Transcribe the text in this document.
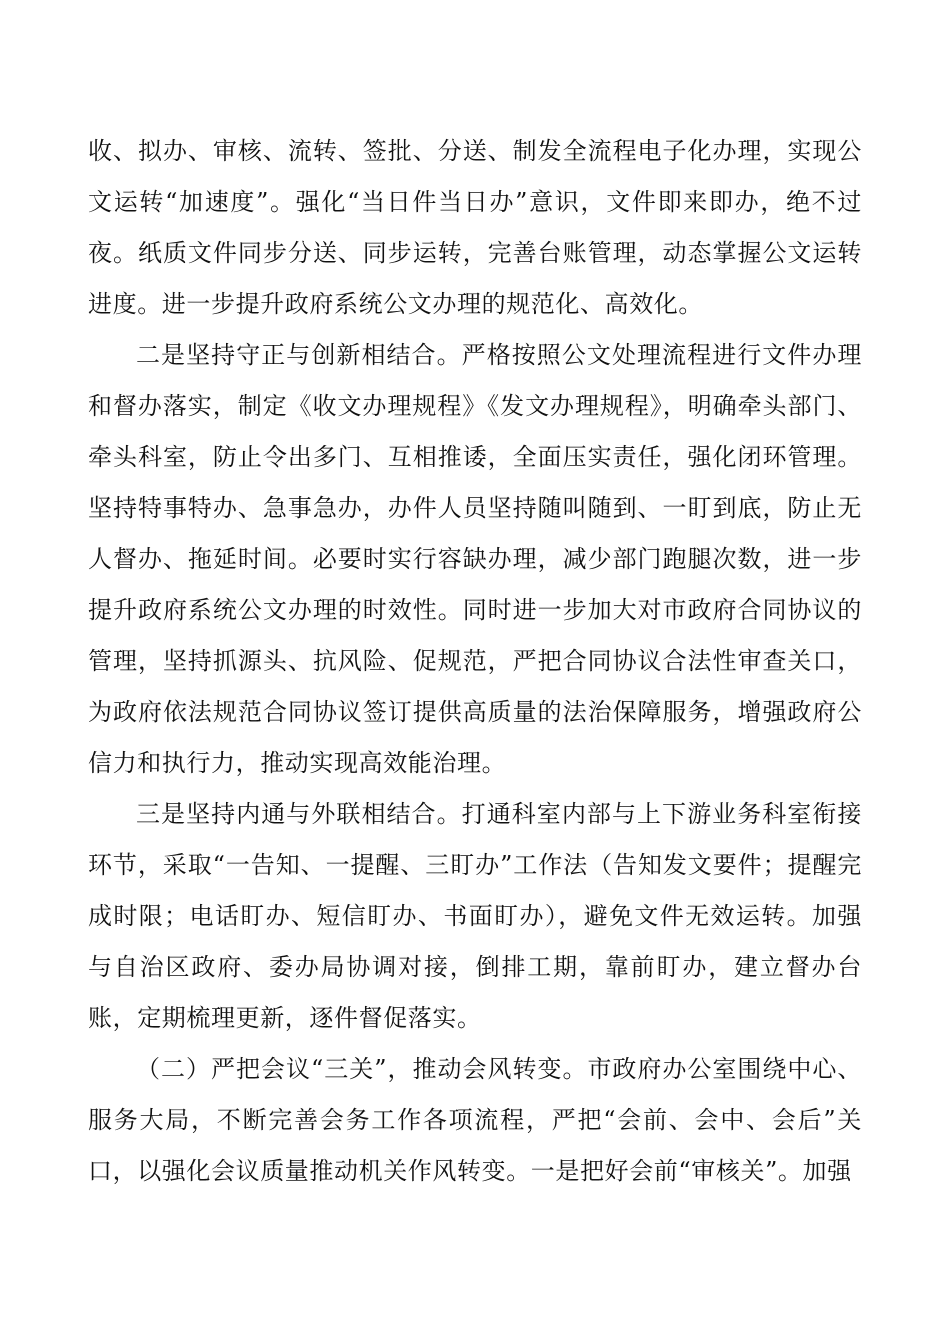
收、拟办、审核、流转、签批、分送、制发全流程电子化办理，实现公文运转“加速度”。强化“当日件当日办”意识，文件即来即办，绝不过夜。纸质文件同步分送、同步运转，完善台账管理，动态掌握公文运转进度。进一步提升政府系统公文办理的规范化、高效化。

二是坚持守正与创新相结合。严格按照公文处理流程进行文件办理和督办落实，制定《收文办理规程》《发文办理规程》，明确牵头部门、牵头科室，防止令出多门、互相推诿，全面压实责任，强化闭环管理。坚持特事特办、急事急办，办件人员坚持随叫随到、一盯到底，防止无人督办、拖延时间。必要时实行容缺办理，减少部门跑腿次数，进一步提升政府系统公文办理的时效性。同时进一步加大对市政府合同协议的管理，坚持抓源头、抗风险、促规范，严把合同协议合法性审查关口，为政府依法规范合同协议签订提供高质量的法治保障服务，增强政府公信力和执行力，推动实现高效能治理。

三是坚持内通与外联相结合。打通科室内部与上下游业务科室衔接环节，采取“一告知、一提醒、三盯办”工作法（告知发文要件；提醒完成时限；电话盯办、短信盯办、书面盯办），避免文件无效运转。加强与自治区政府、委办局协调对接，倒排工期，靠前盯办，建立督办台账，定期梳理更新，逐件督促落实。

（二）严把会议“三关”，推动会风转变。市政府办公室围绕中心、服务大局，不断完善会务工作各项流程，严把“会前、会中、会后”关口，以强化会议质量推动机关作风转变。一是把好会前“审核关”。加强
